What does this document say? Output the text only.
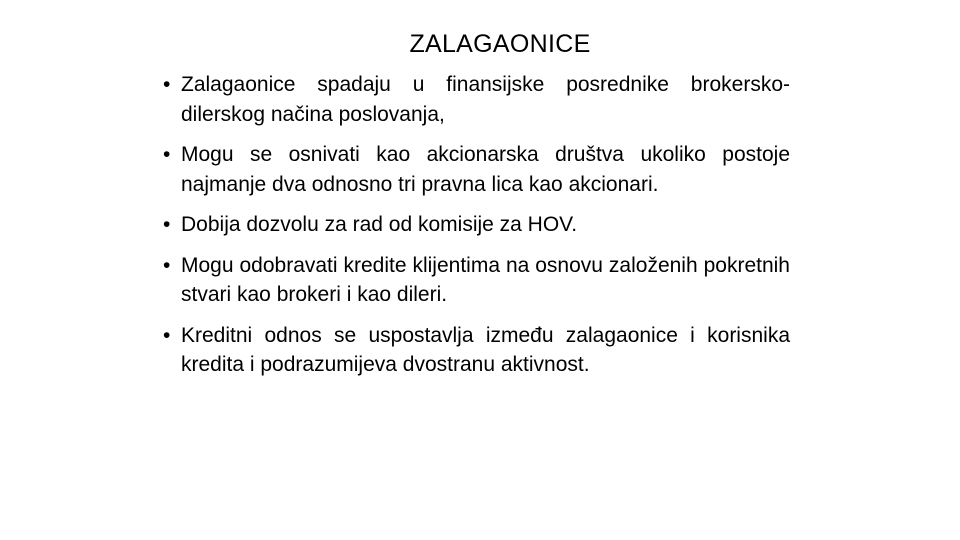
ZALAGAONICE
• Zalagaonice spadaju u finansijske posrednike brokersko-dilerskog načina poslovanja,
• Mogu se osnivati kao akcionarska društva ukoliko postoje najmanje dva odnosno tri pravna lica kao akcionari.
• Dobija dozvolu za rad od komisije za HOV.
• Mogu odobravati kredite klijentima na osnovu založenih pokretnih stvari kao brokeri i kao dileri.
• Kreditni odnos se uspostavlja između zalagaonice i korisnika kredita i podrazumijeva dvostranu aktivnost.
